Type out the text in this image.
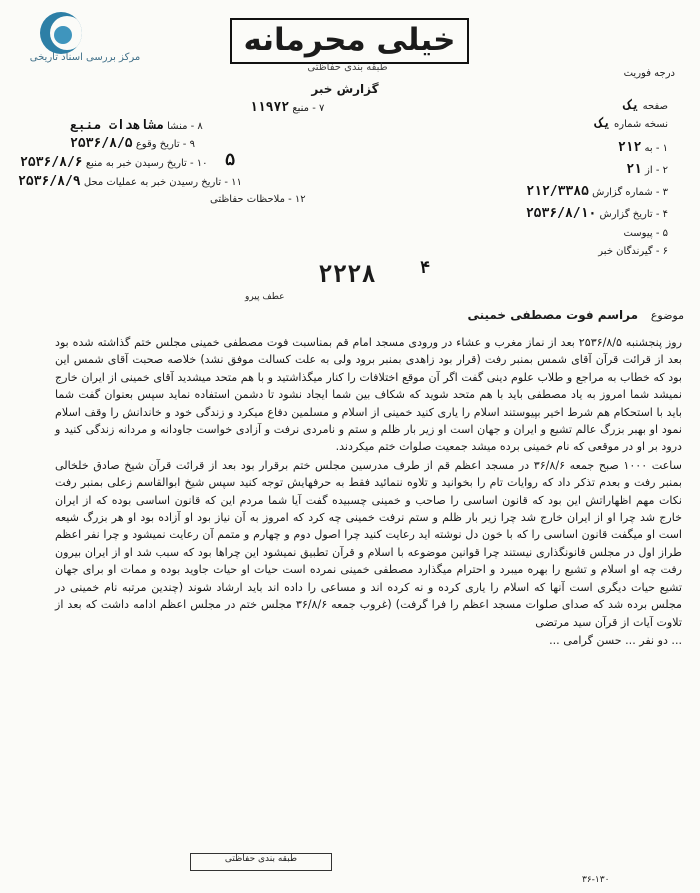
مرکز بررسی اسناد تاریخی	خیلی محرمانه
طبقه بندی حفاظتی
گزارش خبر
درجه فوریت
۷ - منبع ۱۱۹۷۲
۸ - منشا مشاهدات منبع
۹ - تاریخ وقوع ۲۵۳۶/۸/۵
۱۰ - تاریخ رسیدن خبر به منبع ۲۵۳۶/۸/۶
۱۱ - تاریخ رسیدن خبر به عملیات محل ۲۵۳۶/۸/۹
۱۲ - ملاحظات حفاظتی
صفحه یک
نسخه شماره یک
۱ - به ۲۱۲
۲ - از ۲۱
۳ - شماره گزارش ۲۱۲/۳۳۸۵
۴ - تاریخ گزارش ۲۵۳۶/۸/۱۰
۵ - پیوست
۶ - گیرندگان خبر
۲۲۲۸	۴
۵
عطف پیرو
موضوع
مراسم فوت مصطفی خمینی

روز پنجشنبه ۲۵۳۶/۸/۵ بعد از نماز مغرب و عشاء در ورودی مسجد امام قم بمناسبت فوت مصطفی خمینی مجلس ختم گذاشته شده بود بعد از قرائت قرآن آقای شمس بمنبر رفت (قرار بود زاهدی بمنبر برود ولی به علت کسالت موفق نشد) خلاصه صحبت آقای شمس این بود که خطاب به مراجع و طلاب علوم دینی گفت اگر آن موقع اختلافات را کنار میگذاشتید و با هم متحد میشدید آقای خمینی از ایران خارج نمیشد شما امروز به یاد مصطفی باید با هم متحد شوید که شکاف بین شما ایجاد نشود تا دشمن استفاده نماید سپس بعنوان گفت شما باید با استحکام هم شرط اخیر بپیوستند اسلام را یاری کنید خمینی از اسلام و مسلمین دفاع میکرد و زندگی خود و خاندانش را وقف اسلام نمود او بهبر بزرگ عالم تشیع و ایران و جهان است او زیر بار ظلم و ستم و نامردی نرفت و آزادی خواست جاودانه و مردانه زندگی کنید و درود بر او در موقعی که نام خمینی برده میشد جمعیت صلوات ختم میکردند.

ساعت ۱۰۰۰ صبح جمعه ۳۶/۸/۶ در مسجد اعظم قم از طرف مدرسین مجلس ختم برقرار بود بعد از قرائت قرآن شیخ صادق خلخالی بمنبر رفت و بعدم تذکر داد که روایات تام را بخوانید و تلاوه ننمائید فقط به حرفهایش توجه کنید سپس شیخ ابوالقاسم زعلی بمنبر رفت نکات مهم اظهاراتش این بود که قانون اساسی را صاحب و خمینی چسبیده گفت آیا شما مردم این که قانون اساسی بوده که از ایران خارج شد چرا او از ایران خارج شد چرا زیر بار ظلم و ستم نرفت خمینی چه کرد که امروز به آن نیاز بود او آزاده بود او هر بزرگ شیعه است او میگفت قانون اساسی را که با خون دل نوشته اید رعایت کنید چرا اصول دوم و چهارم و متمم آن رعایت نمیشود و چرا نفر اعظم طراز اول در مجلس قانونگذاری نیستند چرا قوانین موضوعه با اسلام و قرآن تطبیق نمیشود این چراها بود که سبب شد او از ایران بیرون رفت چه او اسلام و تشیع را بهره میبرد و احترام میگذارد مصطفی خمینی نمرده است حیات او حیات جاوید بوده و ممات او برای جهان تشیع حیات دیگری است آنها که اسلام را یاری کرده و نه کرده اند و مساعی را داده اند باید ارشاد شوند (چندین مرتبه نام خمینی در مجلس برده شد که صدای صلوات مسجد اعظم را فرا گرفت) (غروب جمعه ۳۶/۸/۶ مجلس ختم در مجلس اعظم ادامه داشت که بعد از تلاوت آیات از قرآن سید مرتضی

... دو نفر ... حسن گرامی ...

طبقه بندی حفاظتی
۳۶-۱۳۰
